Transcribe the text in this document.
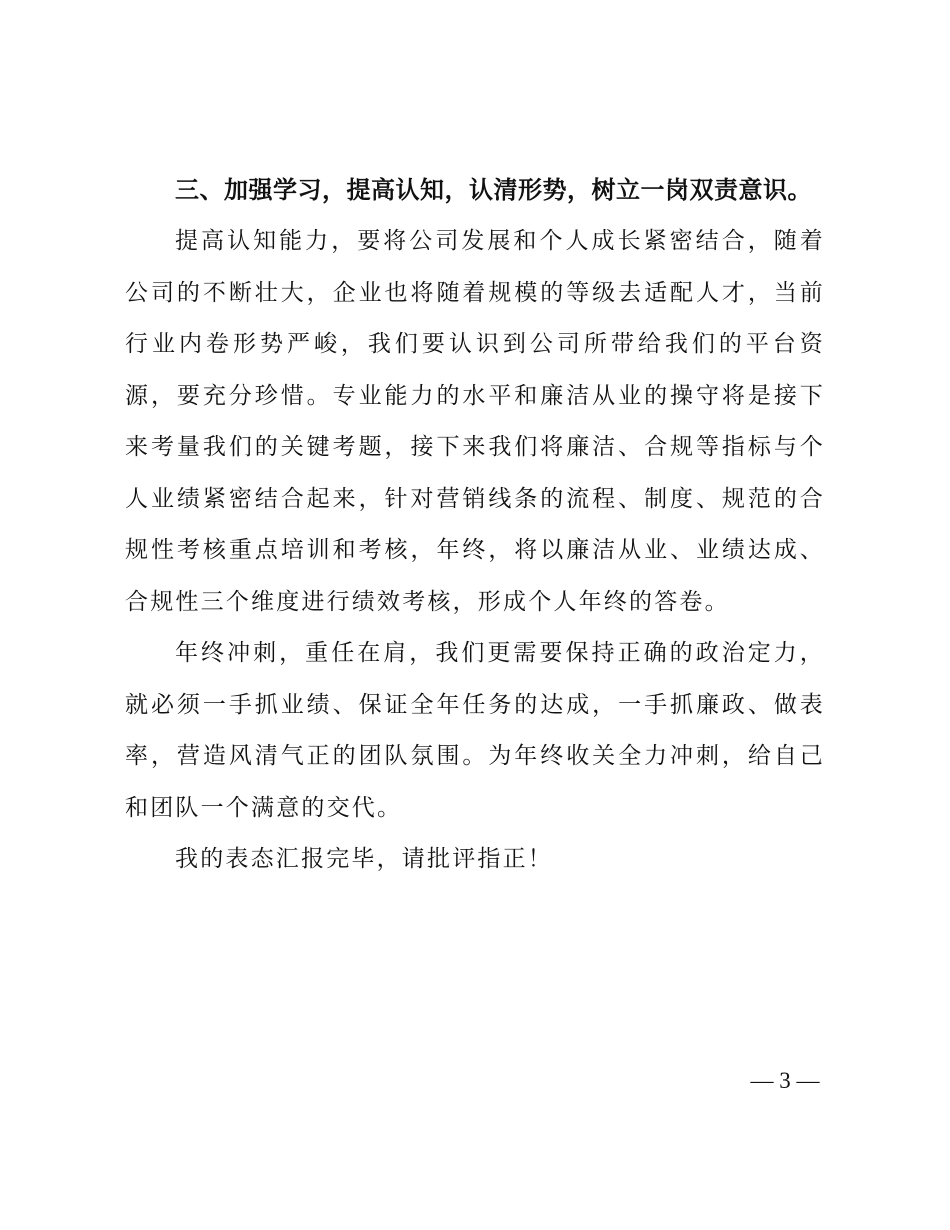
三、加强学习，提高认知，认清形势，树立一岗双责意识。

提高认知能力，要将公司发展和个人成长紧密结合，随着公司的不断壮大，企业也将随着规模的等级去适配人才，当前行业内卷形势严峻，我们要认识到公司所带给我们的平台资源，要充分珍惜。专业能力的水平和廉洁从业的操守将是接下来考量我们的关键考题，接下来我们将廉洁、合规等指标与个人业绩紧密结合起来，针对营销线条的流程、制度、规范的合规性考核重点培训和考核，年终，将以廉洁从业、业绩达成、合规性三个维度进行绩效考核，形成个人年终的答卷。

年终冲刺，重任在肩，我们更需要保持正确的政治定力，就必须一手抓业绩、保证全年任务的达成，一手抓廉政、做表率，营造风清气正的团队氛围。为年终收关全力冲刺，给自己和团队一个满意的交代。

我的表态汇报完毕，请批评指正！

— 3 —
